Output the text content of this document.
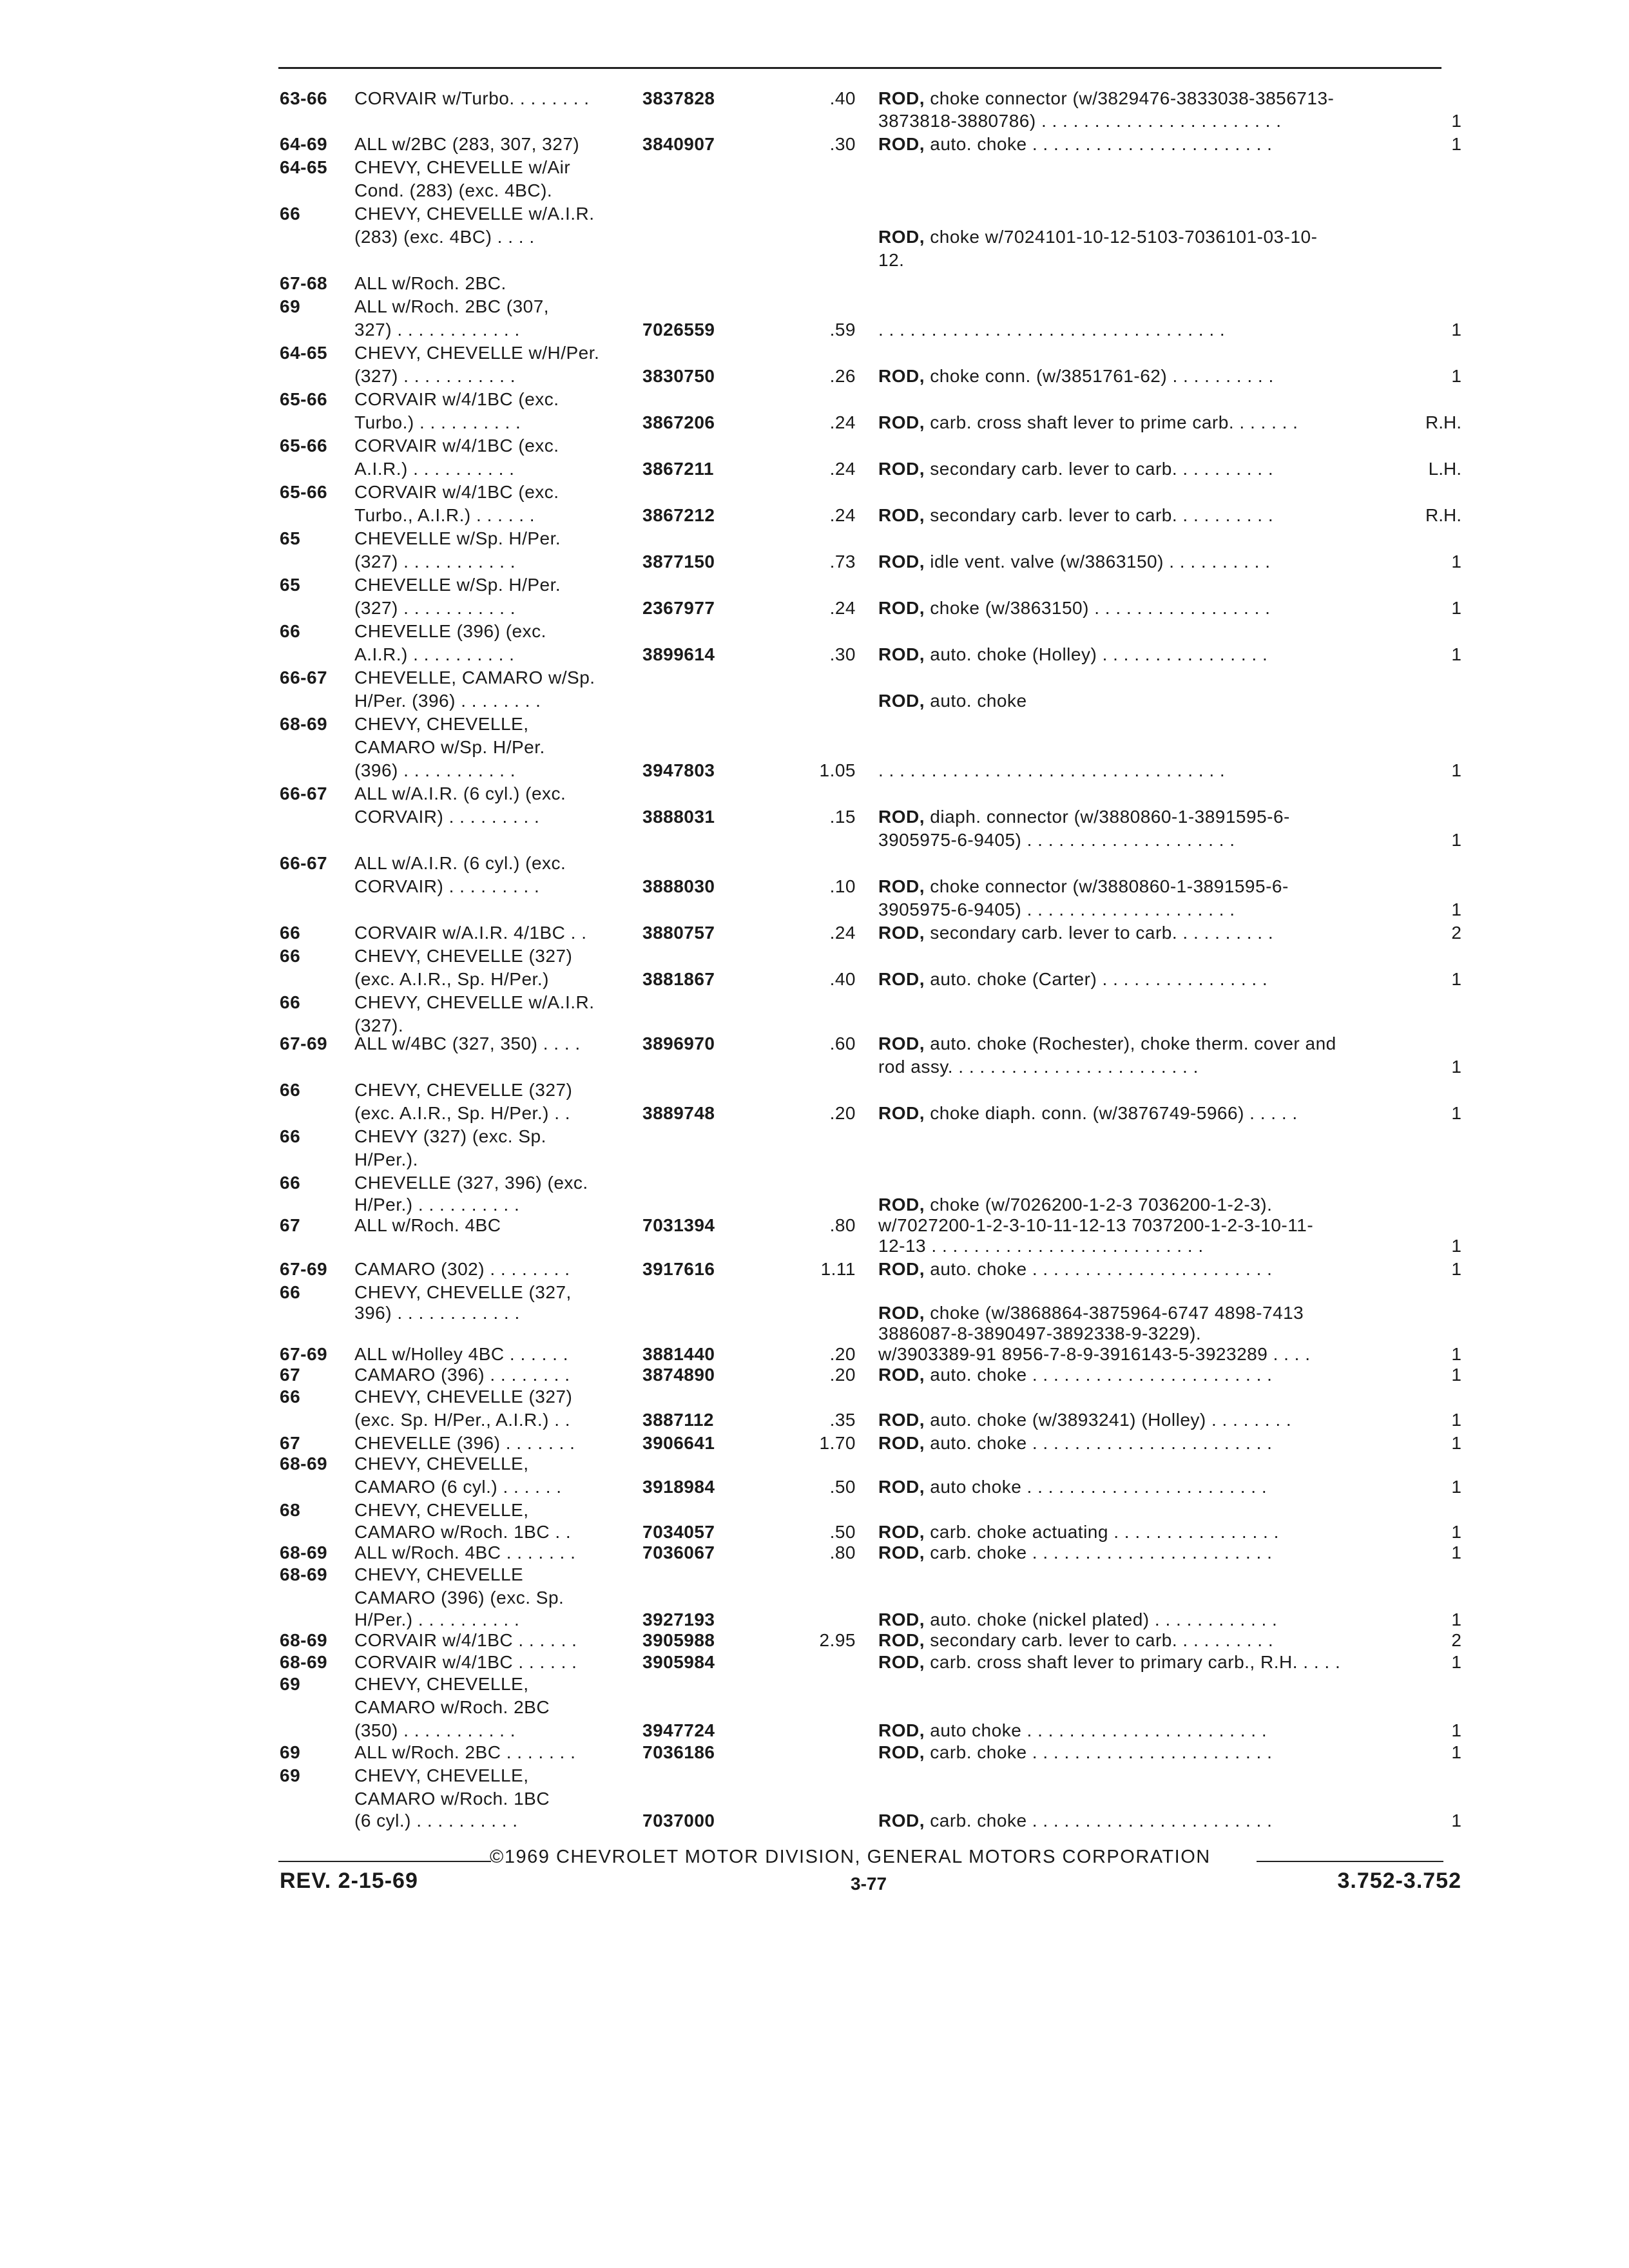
63-66 CORVAIR w/Turbo. . . . . . . .	3837828	.40 ROD, choke connector (w/3829476-3833038-3856713-
3873818-3880786) . . . . . . . . . . . . . . . . . . . . . . .	1
64-69 ALL w/2BC (283, 307, 327)	3840907	.30 ROD, auto. choke . . . . . . . . . . . . . . . . . . . . . . .	1
64-65 CHEVY, CHEVELLE w/Air
Cond. (283) (exc. 4BC).
66	CHEVY, CHEVELLE w/A.I.R.
(283) (exc. 4BC) . . . .	ROD, choke w/7024101-10-12-5103-7036101-03-10-
12.
67-68 ALL w/Roch. 2BC.
69	ALL w/Roch. 2BC (307,
327) . . . . . . . . . . . .	7026559	.59 . . . . . . . . . . . . . . . . . . . . . . . . . . . . . . . . .	1
64-65 CHEVY, CHEVELLE w/H/Per.
(327) . . . . . . . . . . .	3830750	.26 ROD, choke conn. (w/3851761-62) . . . . . . . . . .	1
65-66 CORVAIR w/4/1BC (exc.
Turbo.) . . . . . . . . . .	3867206	.24 ROD, carb. cross shaft lever to prime carb. . . . . . .	R.H.
65-66 CORVAIR w/4/1BC (exc.
A.I.R.) . . . . . . . . . .	3867211	.24 ROD, secondary carb. lever to carb. . . . . . . . . .	L.H.
65-66 CORVAIR w/4/1BC (exc.
Turbo., A.I.R.) . . . . . .	3867212	.24 ROD, secondary carb. lever to carb. . . . . . . . . .	R.H.
65	CHEVELLE w/Sp. H/Per.
(327) . . . . . . . . . . .	3877150	.73 ROD, idle vent. valve (w/3863150) . . . . . . . . . .	1
65	CHEVELLE w/Sp. H/Per.
(327) . . . . . . . . . . .	2367977	.24 ROD, choke (w/3863150) . . . . . . . . . . . . . . . . .	1
66	CHEVELLE (396) (exc.
A.I.R.) . . . . . . . . . .	3899614	.30 ROD, auto. choke (Holley) . . . . . . . . . . . . . . . .	1
66-67 CHEVELLE, CAMARO w/Sp.
H/Per. (396) . . . . . . . .	ROD, auto. choke
68-69 CHEVY, CHEVELLE,
CAMARO w/Sp. H/Per.
(396) . . . . . . . . . . .	3947803	1.05 . . . . . . . . . . . . . . . . . . . . . . . . . . . . . . . . .	1
66-67 ALL w/A.I.R. (6 cyl.) (exc.
CORVAIR) . . . . . . . . .	3888031	.15 ROD, diaph. connector (w/3880860-1-3891595-6-
3905975-6-9405) . . . . . . . . . . . . . . . . . . . .	1
66-67 ALL w/A.I.R. (6 cyl.) (exc.
CORVAIR) . . . . . . . . .	3888030	.10 ROD, choke connector (w/3880860-1-3891595-6-
3905975-6-9405) . . . . . . . . . . . . . . . . . . . .	1
66	CORVAIR w/A.I.R. 4/1BC . .	3880757	.24 ROD, secondary carb. lever to carb. . . . . . . . . .	2
66	CHEVY, CHEVELLE (327)
(exc. A.I.R., Sp. H/Per.)	3881867	.40 ROD, auto. choke (Carter) . . . . . . . . . . . . . . . .	1
66	CHEVY, CHEVELLE w/A.I.R.
(327).
67-69 ALL w/4BC (327, 350) . . . .	3896970	.60 ROD, auto. choke (Rochester), choke therm. cover and
rod assy. . . . . . . . . . . . . . . . . . . . . . . .	1
66	CHEVY, CHEVELLE (327)
(exc. A.I.R., Sp. H/Per.) . .	3889748	.20 ROD, choke diaph. conn. (w/3876749-5966) . . . . .	1
66	CHEVY (327) (exc. Sp.
H/Per.).
66	CHEVELLE (327, 396) (exc.
H/Per.) . . . . . . . . . .	ROD, choke (w/7026200-1-2-3 7036200-1-2-3).
67	ALL w/Roch. 4BC	7031394	.80 w/7027200-1-2-3-10-11-12-13 7037200-1-2-3-10-11-
12-13 . . . . . . . . . . . . . . . . . . . . . . . . . .	1
67-69 CAMARO (302) . . . . . . . .	3917616	1.11 ROD, auto. choke . . . . . . . . . . . . . . . . . . . . . . .	1
66	CHEVY, CHEVELLE (327,
396) . . . . . . . . . . . .	ROD, choke (w/3868864-3875964-6747 4898-7413
3886087-8-3890497-3892338-9-3229).
67-69 ALL w/Holley 4BC . . . . . .	3881440	.20 w/3903389-91 8956-7-8-9-3916143-5-3923289 . . . .	1
67	CAMARO (396) . . . . . . . .	3874890	.20 ROD, auto. choke . . . . . . . . . . . . . . . . . . . . . . .	1
66	CHEVY, CHEVELLE (327)
(exc. Sp. H/Per., A.I.R.) . .	3887112	.35 ROD, auto. choke (w/3893241) (Holley) . . . . . . . .	1
67	CHEVELLE (396) . . . . . . .	3906641	1.70 ROD, auto. choke . . . . . . . . . . . . . . . . . . . . . . .	1
68-69 CHEVY, CHEVELLE,
CAMARO (6 cyl.) . . . . . .	3918984	.50 ROD, auto choke . . . . . . . . . . . . . . . . . . . . . . .	1
68	CHEVY, CHEVELLE,
CAMARO w/Roch. 1BC . .	7034057	.50 ROD, carb. choke actuating . . . . . . . . . . . . . . . .	1
68-69 ALL w/Roch. 4BC . . . . . . .	7036067	.80 ROD, carb. choke . . . . . . . . . . . . . . . . . . . . . . .	1
68-69 CHEVY, CHEVELLE
CAMARO (396) (exc. Sp.
H/Per.) . . . . . . . . . .	3927193	ROD, auto. choke (nickel plated) . . . . . . . . . . . .	1
68-69 CORVAIR w/4/1BC . . . . . .	3905988	2.95 ROD, secondary carb. lever to carb. . . . . . . . . .	2
68-69 CORVAIR w/4/1BC . . . . . .	3905984	ROD, carb. cross shaft lever to primary carb., R.H. . . . .	1
69	CHEVY, CHEVELLE,
CAMARO w/Roch. 2BC
(350) . . . . . . . . . . .	3947724	ROD, auto choke . . . . . . . . . . . . . . . . . . . . . . .	1
69	ALL w/Roch. 2BC . . . . . . .	7036186	ROD, carb. choke . . . . . . . . . . . . . . . . . . . . . . .	1
69	CHEVY, CHEVELLE,
CAMARO w/Roch. 1BC
(6 cyl.) . . . . . . . . . .	7037000	ROD, carb. choke . . . . . . . . . . . . . . . . . . . . . . .	1
©1969 CHEVROLET MOTOR DIVISION, GENERAL MOTORS CORPORATION
REV. 2-15-69	3-77	3.752-3.752
